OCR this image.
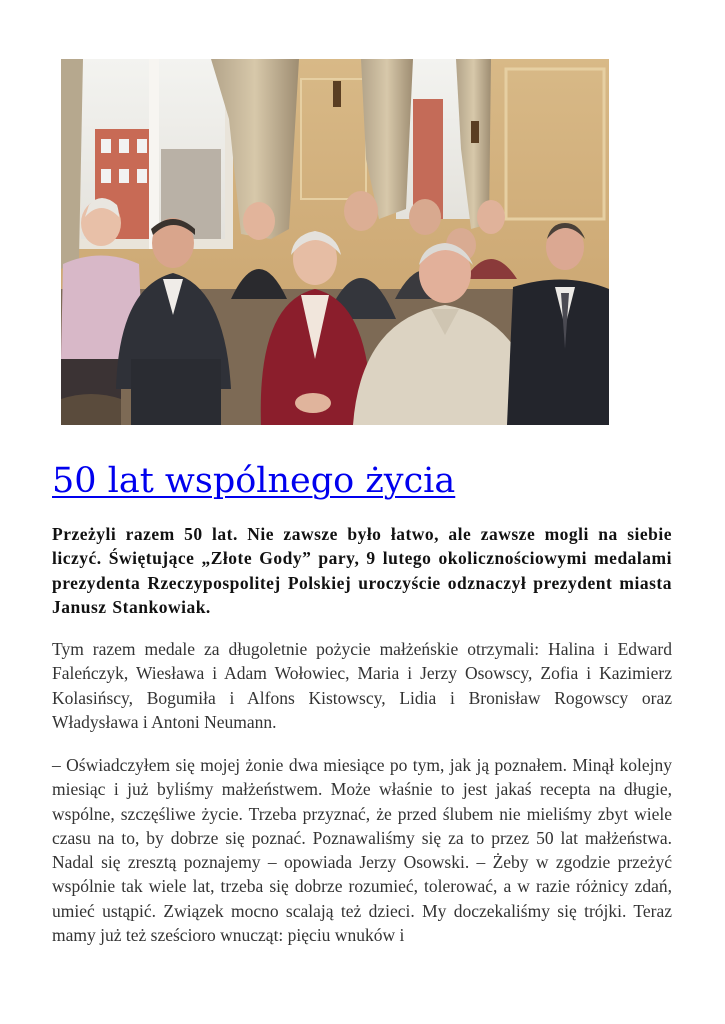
50 lat wspólnego życia

Przeżyli razem 50 lat. Nie zawsze było łatwo, ale zawsze mogli na siebie liczyć. Świętujące „Złote Gody” pary, 9 lutego okolicznościowymi medalami prezydenta Rzeczypospolitej Polskiej uroczyście odznaczył prezydent miasta Janusz Stankowiak.

Tym razem medale za długoletnie pożycie małżeńskie otrzymali: Halina i Edward Faleńczyk, Wiesława i Adam Wołowiec, Maria i Jerzy Osowscy, Zofia i Kazimierz Kolasińscy, Bogumiła i Alfons Kistowscy, Lidia i Bronisław Rogowscy oraz Władysława i Antoni Neumann.

– Oświadczyłem się mojej żonie dwa miesiące po tym, jak ją poznałem. Minął kolejny miesiąc i już byliśmy małżeństwem. Może właśnie to jest jakaś recepta na długie, wspólne, szczęśliwe życie. Trzeba przyznać, że przed ślubem nie mieliśmy zbyt wiele czasu na to, by dobrze się poznać. Poznawaliśmy się za to przez 50 lat małżeństwa. Nadal się zresztą poznajemy – opowiada Jerzy Osowski. – Żeby w zgodzie przeżyć wspólnie tak wiele lat, trzeba się dobrze rozumieć, tolerować, a w razie różnicy zdań, umieć ustąpić. Związek mocno scalają też dzieci. My doczekaliśmy się trójki. Teraz mamy już też sześcioro wnucząt: pięciu wnuków i
